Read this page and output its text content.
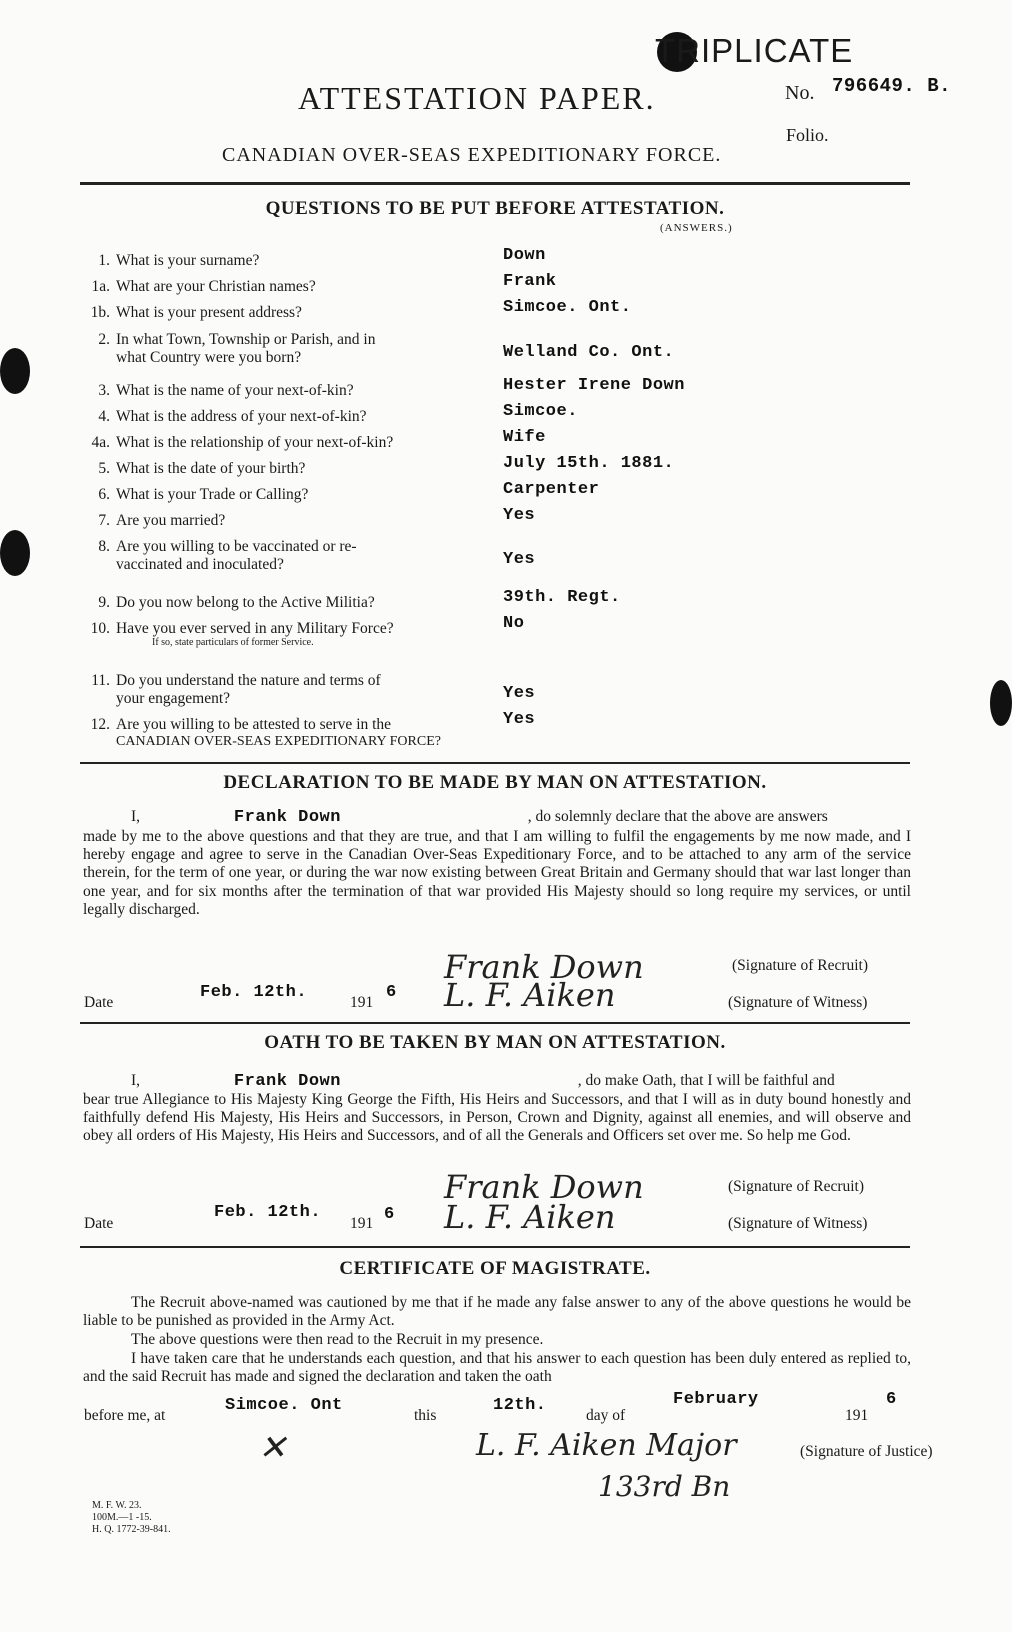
TRIPLICATE
ATTESTATION PAPER.	No. 796649. B.
Folio.
CANADIAN OVER-SEAS EXPEDITIONARY FORCE.
QUESTIONS TO BE PUT BEFORE ATTESTATION.
(ANSWERS.)
1. What is your surname?	Down
1a. What are your Christian names?	Frank
1b. What is your present address?	Simcoe. Ont.
2. In what Town, Township or Parish, and in
what Country were you born?	Welland Co. Ont.
3. What is the name of your next-of-kin?	Hester Irene Down
4. What is the address of your next-of-kin?	Simcoe.
4a. What is the relationship of your next-of-kin?	Wife
5. What is the date of your birth?	July 15th. 1881.
6. What is your Trade or Calling?	Carpenter
7. Are you married?	Yes
8. Are you willing to be vaccinated or re-
vaccinated and inoculated?	Yes
9. Do you now belong to the Active Militia?	39th. Regt.
10. Have you ever served in any Military Force?
If so, state particulars of former Service.
No
11. Do you understand the nature and terms of
your engagement?	Yes
12. Are you willing to be attested to serve in the
CANADIAN OVER-SEAS EXPEDITIONARY FORCE?
Yes
DECLARATION TO BE MADE BY MAN ON ATTESTATION.
I,	Frank Down	, do solemnly declare that the above are answers
made by me to the above questions and that they are true, and that I am willing to fulfil the engagements by me now made, and I hereby engage and agree to serve in the Canadian Over-Seas Expeditionary Force, and to be attached to any arm of the service therein, for the term of one year, or during the war now existing between Great Britain and Germany should that war last longer than one year, and for six months after the termination of that war provided His Majesty should so long require my services, or until legally discharged.
Frank Down	(Signature of Recruit)
Date
Feb. 12th.
191
6 L. F. Aiken	(Signature of Witness)
OATH TO BE TAKEN BY MAN ON ATTESTATION.
I,	Frank Down	, do make Oath, that I will be faithful and
bear true Allegiance to His Majesty King George the Fifth, His Heirs and Successors, and that I will as in duty bound honestly and faithfully defend His Majesty, His Heirs and Successors, in Person, Crown and Dignity, against all enemies, and will observe and obey all orders of His Majesty, His Heirs and Successors, and of all the Generals and Officers set over me. So help me God.
Frank Down	(Signature of Recruit)
Date
Feb. 12th.
191 6 L. F. Aiken	(Signature of Witness)
CERTIFICATE OF MAGISTRATE.
The Recruit above-named was cautioned by me that if he made any false answer to any of the above questions he would be liable to be punished as provided in the Army Act.
The above questions were then read to the Recruit in my presence.
I have taken care that he understands each question, and that his answer to each question has been duly entered as replied to, and the said Recruit has made and signed the declaration and taken the oath
before me, at
Simcoe. Ont
this
12th.
day of
February
191
6
✕	L. F. Aiken Major	(Signature of Justice)
133rd Bn
M. F. W. 23.
100M.—1 -15.
H. Q. 1772-39-841.
